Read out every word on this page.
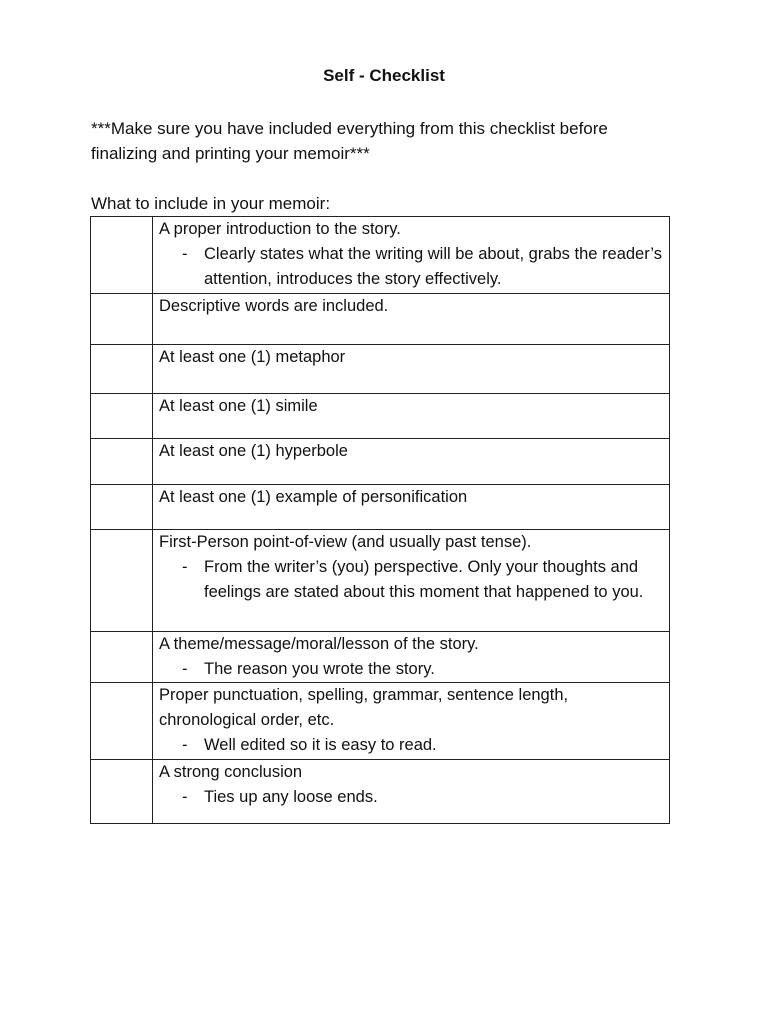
Self - Checklist

***Make sure you have included everything from this checklist before

finalizing and printing your memoir***

What to include in your memoir:

	A proper introduction to the story.
- Clearly states what the writing will be about, grabs the reader’s attention, introduces the story effectively.

	Descriptive words are included.

	At least one (1) metaphor

	At least one (1) simile

	At least one (1) hyperbole

	At least one (1) example of personification

	First-Person point-of-view (and usually past tense).
- From the writer’s (you) perspective. Only your thoughts and feelings are stated about this moment that happened to you.

	A theme/message/moral/lesson of the story.
- The reason you wrote the story.

	Proper punctuation, spelling, grammar, sentence length, chronological order, etc.
- Well edited so it is easy to read.

	A strong conclusion
- Ties up any loose ends.
